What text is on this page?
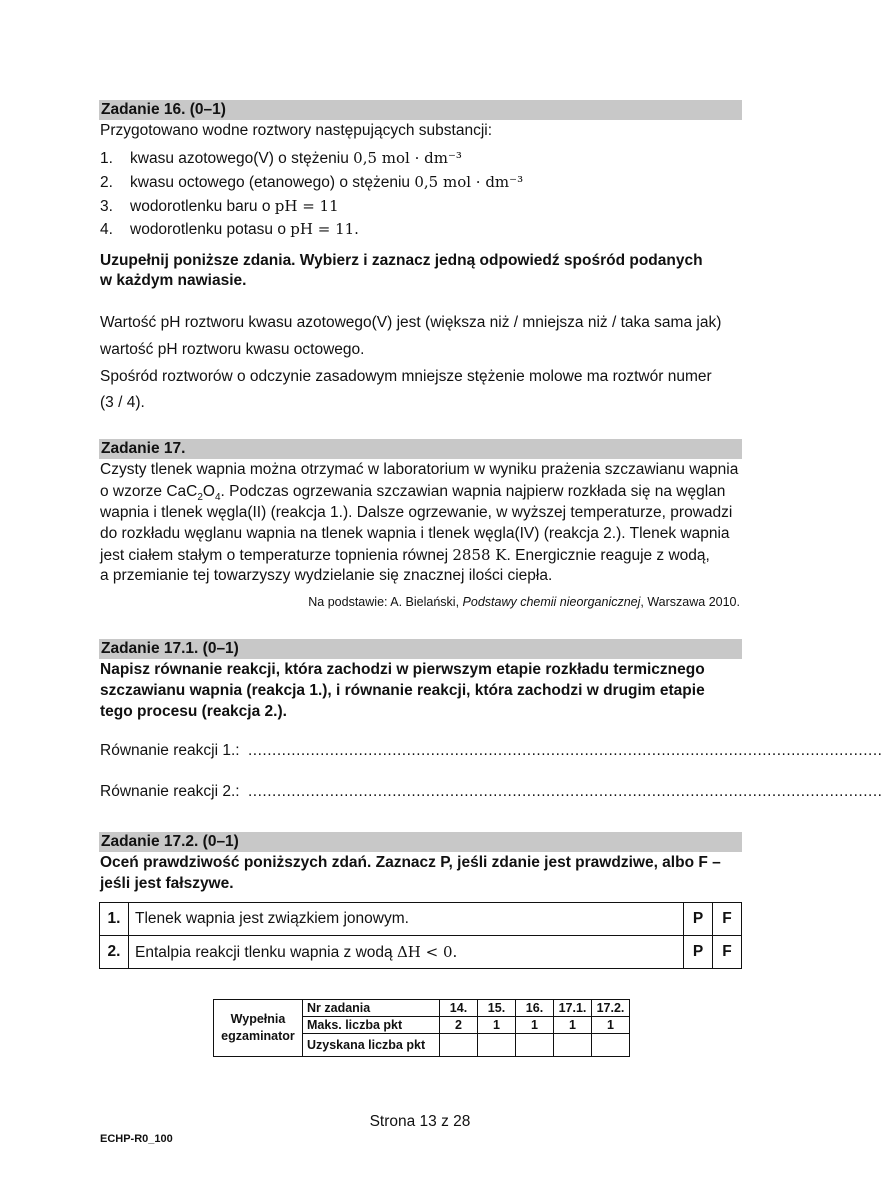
Zadanie 16. (0–1)
Przygotowano wodne roztwory następujących substancji:
1. kwasu azotowego(V) o stężeniu 0,5 mol · dm⁻³
2. kwasu octowego (etanowego) o stężeniu 0,5 mol · dm⁻³
3. wodorotlenku baru o pH = 11
4. wodorotlenku potasu o pH = 11.
Uzupełnij poniższe zdania. Wybierz i zaznacz jedną odpowiedź spośród podanych
w każdym nawiasie.
Wartość pH roztworu kwasu azotowego(V) jest (większa niż / mniejsza niż / taka sama jak)
wartość pH roztworu kwasu octowego.
Spośród roztworów o odczynie zasadowym mniejsze stężenie molowe ma roztwór numer
(3 / 4).
Zadanie 17.
Czysty tlenek wapnia można otrzymać w laboratorium w wyniku prażenia szczawianu wapnia
o wzorze $CaC_2O_4$. Podczas ogrzewania szczawian wapnia najpierw rozkłada się na węglan
wapnia i tlenek węgla(II) (reakcja 1.). Dalsze ogrzewanie, w wyższej temperaturze, prowadzi
do rozkładu węglanu wapnia na tlenek wapnia i tlenek węgla(IV) (reakcja 2.). Tlenek wapnia
jest ciałem stałym o temperaturze topnienia równej 2858 K. Energicznie reaguje z wodą,
a przemianie tej towarzyszy wydzielanie się znacznej ilości ciepła.
Na podstawie: A. Bielański, Podstawy chemii nieorganicznej, Warszawa 2010.
Zadanie 17.1. (0–1)
Napisz równanie reakcji, która zachodzi w pierwszym etapie rozkładu termicznego
szczawianu wapnia (reakcja 1.), i równanie reakcji, która zachodzi w drugim etapie
tego procesu (reakcja 2.).
Równanie reakcji 1.: ....................................................................................................................................
Równanie reakcji 2.: ....................................................................................................................................
Zadanie 17.2. (0–1)
Oceń prawdziwość poniższych zdań. Zaznacz P, jeśli zdanie jest prawdziwe, albo F –
jeśli jest fałszywe.
1.	Tlenek wapnia jest związkiem jonowym.	P	F
2.	Entalpia reakcji tlenku wapnia z wodą ΔH < 0.	P	F
Wypełnia
egzaminator	Nr zadania	14.	15.	16.	17.1.	17.2.
	Maks. liczba pkt	2	1	1	1	1
	Uzyskana liczba pkt					
Strona 13 z 28
ECHP-R0_100
